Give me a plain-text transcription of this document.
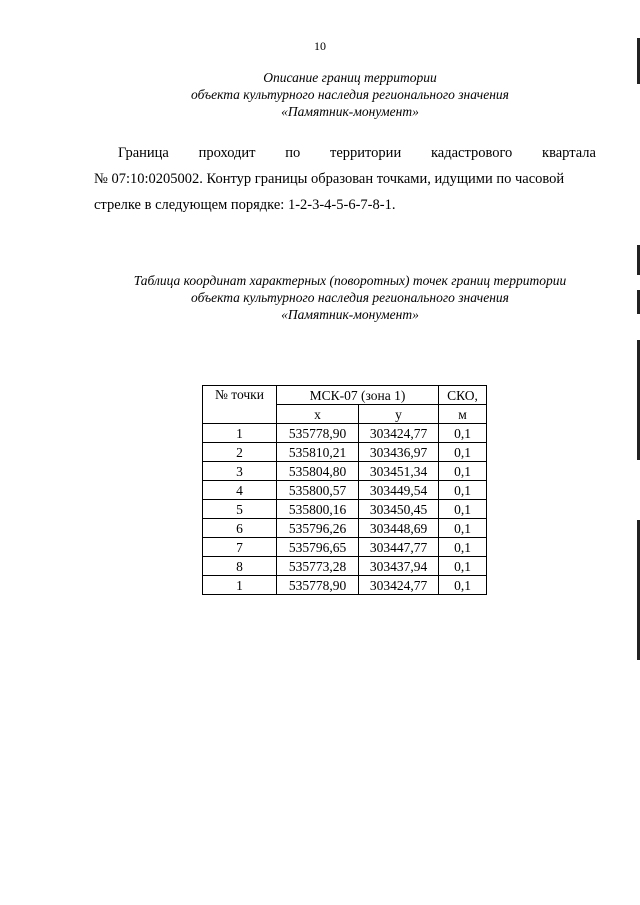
10
Описание границ территории
объекта культурного наследия регионального значения
«Памятник-монумент»
Граница проходит по территории кадастрового квартала
№ 07:10:0205002. Контур границы образован точками, идущими по часовой
стрелке в следующем порядке: 1-2-3-4-5-6-7-8-1.
Таблица координат характерных (поворотных) точек границ территории
объекта культурного наследия регионального значения
«Памятник-монумент»
№ точки	МСК-07 (зона 1)		СКО,
	x	y	м
1	535778,90	303424,77	0,1
2	535810,21	303436,97	0,1
3	535804,80	303451,34	0,1
4	535800,57	303449,54	0,1
5	535800,16	303450,45	0,1
6	535796,26	303448,69	0,1
7	535796,65	303447,77	0,1
8	535773,28	303437,94	0,1
1	535778,90	303424,77	0,1
